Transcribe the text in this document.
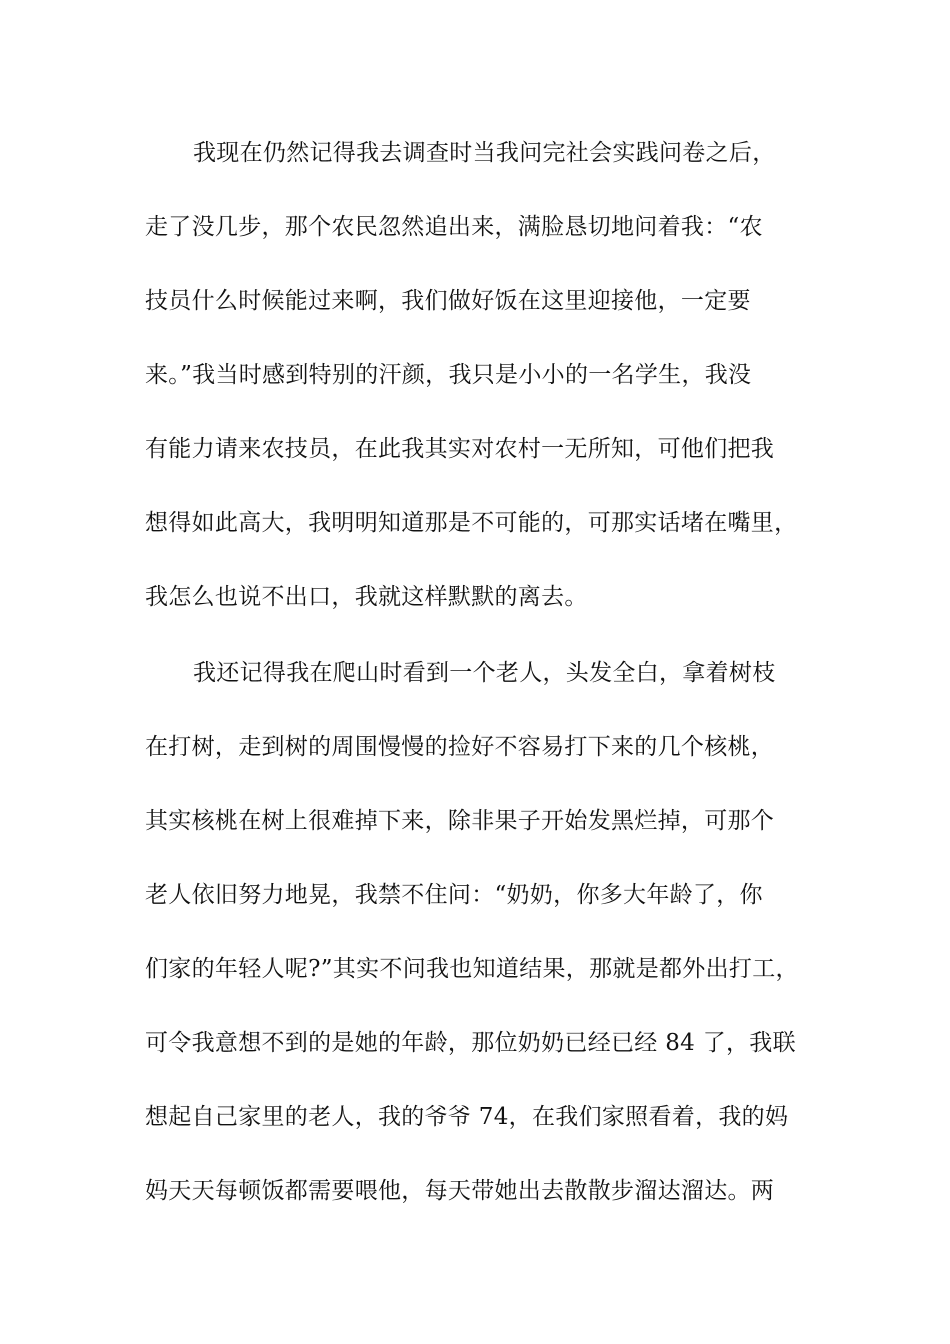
我现在仍然记得我去调查时当我问完社会实践问卷之后，
走了没几步，那个农民忽然追出来，满脸恳切地问着我：“农
技员什么时候能过来啊，我们做好饭在这里迎接他，一定要
来。”我当时感到特别的汗颜，我只是小小的一名学生，我没
有能力请来农技员，在此我其实对农村一无所知，可他们把我
想得如此高大，我明明知道那是不可能的，可那实话堵在嘴里，
我怎么也说不出口，我就这样默默的离去。
我还记得我在爬山时看到一个老人，头发全白，拿着树枝
在打树，走到树的周围慢慢的捡好不容易打下来的几个核桃，
其实核桃在树上很难掉下来，除非果子开始发黑烂掉，可那个
老人依旧努力地晃，我禁不住问：“奶奶，你多大年龄了，你
们家的年轻人呢?”其实不问我也知道结果，那就是都外出打工，
可令我意想不到的是她的年龄，那位奶奶已经已经 84 了，我联
想起自己家里的老人，我的爷爷 74，在我们家照看着，我的妈
妈天天每顿饭都需要喂他，每天带她出去散散步溜达溜达。两
